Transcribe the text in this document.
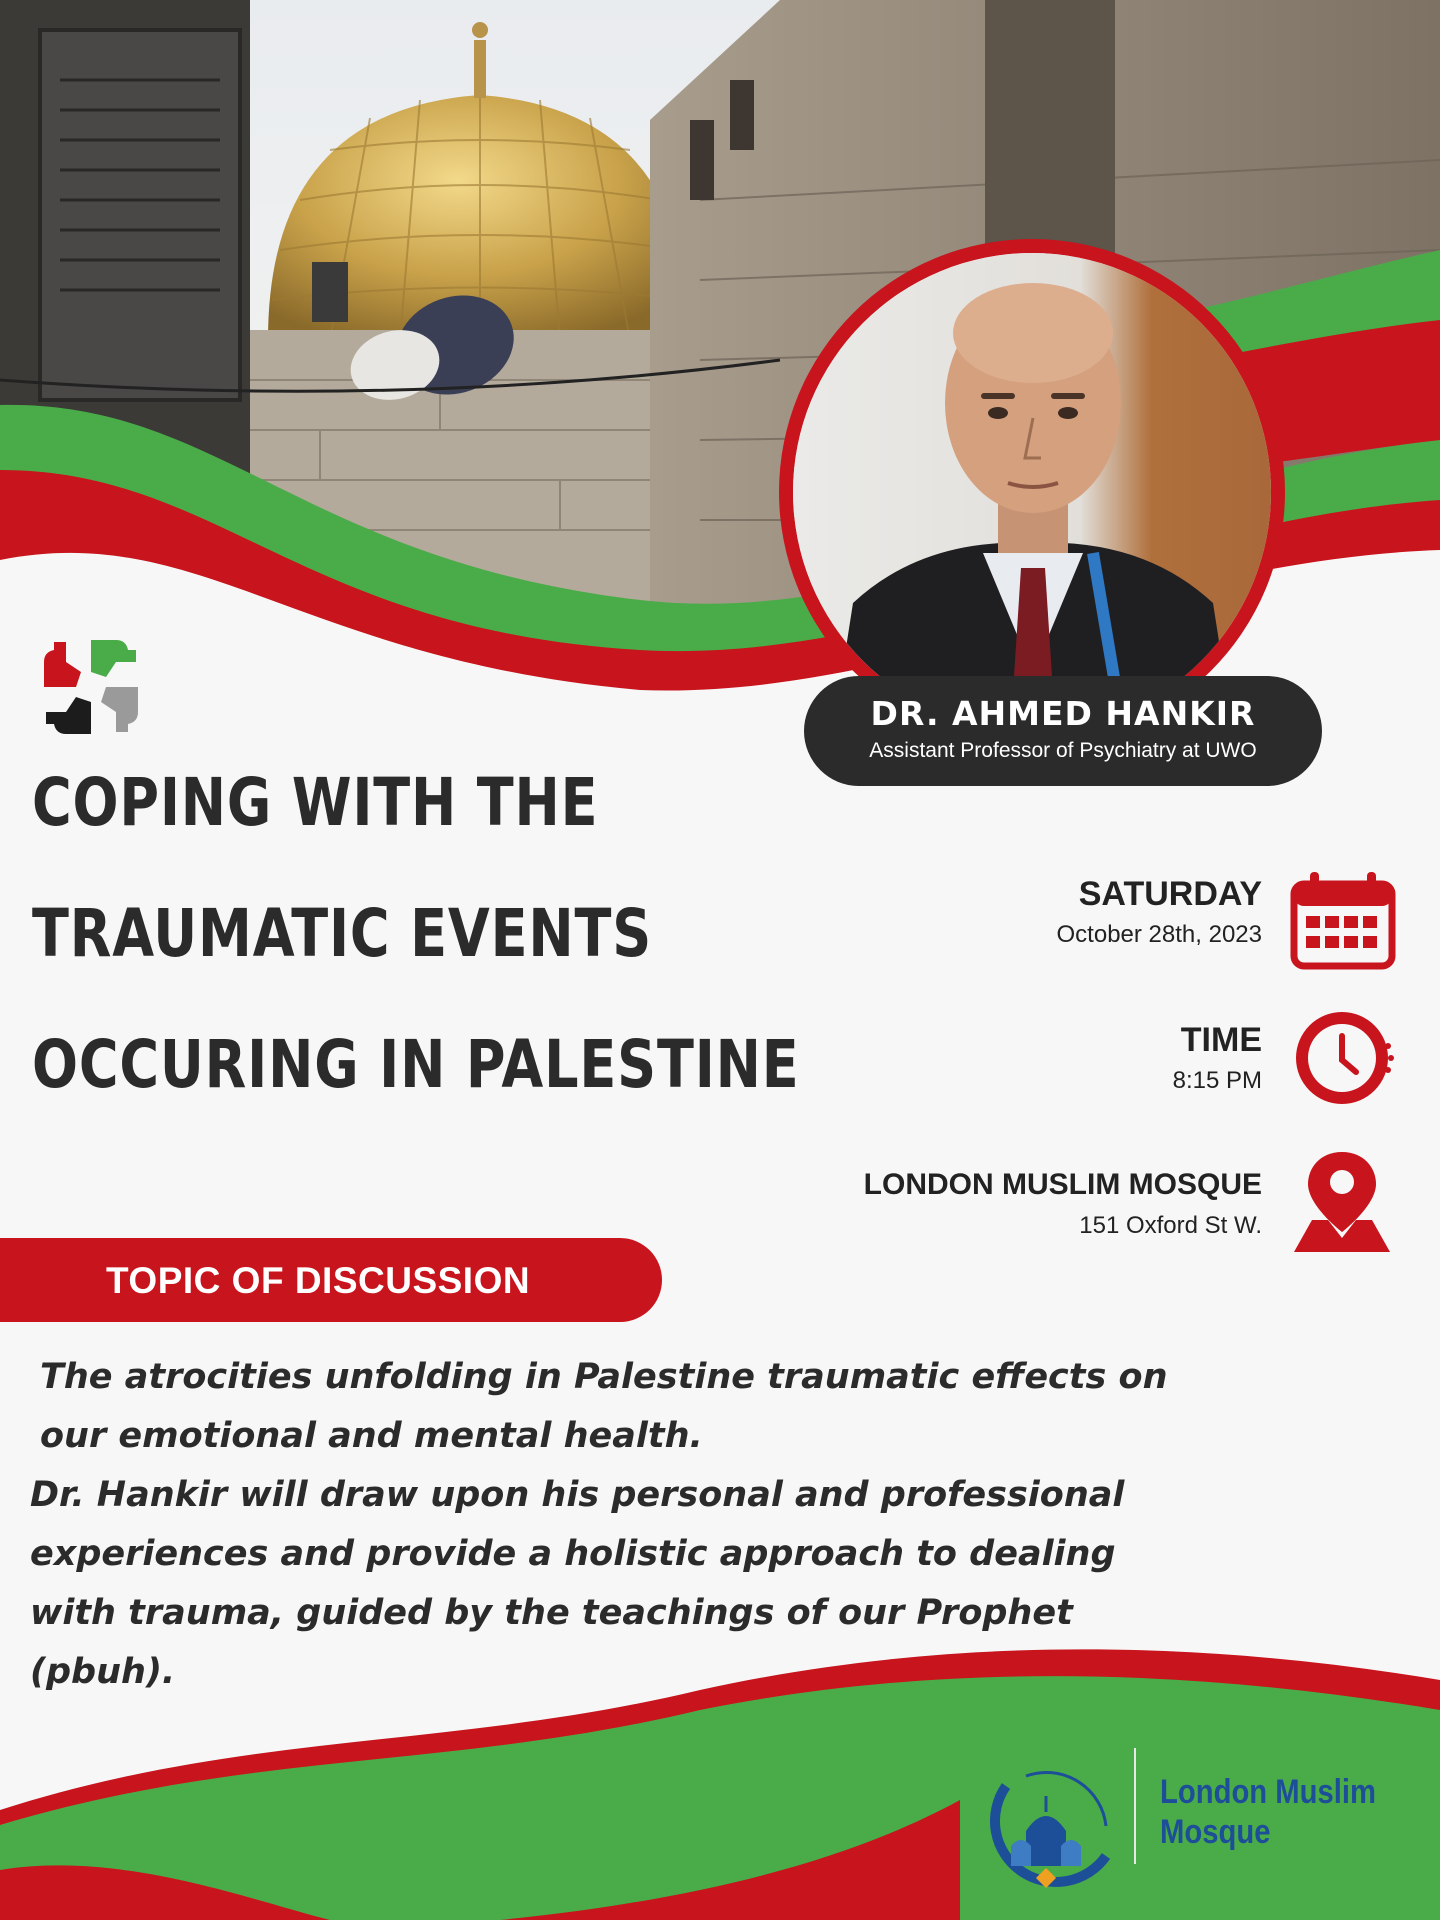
DR. AHMED HANKIR
Assistant Professor of Psychiatry at UWO
COPING WITH THE
TRAUMATIC EVENTS
OCCURING IN PALESTINE
SATURDAY
October 28th, 2023
TIME
8:15 PM
LONDON MUSLIM MOSQUE
151 Oxford St W.
TOPIC OF DISCUSSION

The atrocities unfolding in Palestine traumatic effects on our emotional and mental health.

Dr. Hankir will draw upon his personal and professional experiences and provide a holistic approach to dealing with trauma, guided by the teachings of our Prophet (pbuh).

London Muslim
Mosque
